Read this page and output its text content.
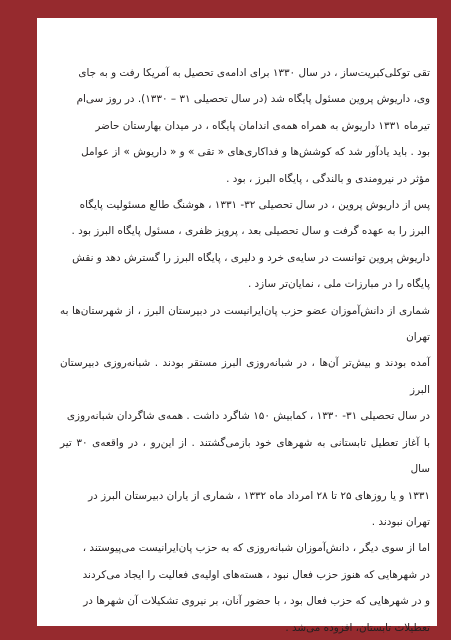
تقی توکلی‌کبریت‌ساز ، در سال ۱۳۳۰ برای ادامه‌ی تحصیل به آمریکا رفت و به جای
وی، داریوش پروین مسئول پایگاه شد (در سال تحصیلی ۳۱ – ۱۳۳۰). در روز سی‌ام
تیرماه ۱۳۳۱ داریوش به همراه همه‌ی اندامان پایگاه ، در میدان بهارستان حاضر
بود . باید یادآور شد که کوشش‌ها و فداکاری‌های « تقی » و « داریوش » از عوامل
مؤثر در نیرومندی و بالندگی ، پایگاه البرز ، بود .
پس از داریوش پروین ، در سال تحصیلی ۳۲- ۱۳۳۱ ، هوشنگ طالع مسئولیت پایگاه
البرز را به عهده گرفت و سال تحصیلی بعد ، پرویز ظفری ، مسئول پایگاه البرز بود .
داریوش پروین توانست در سایه‌ی خرد و دلیری ، پایگاه البرز را گسترش دهد و نقش
پایگاه را در مبارزات ملی ، نمایان‌تر سازد .
شماری از دانش‌آموزان عضو حزب پان‌ایرانیست در دبیرستان البرز ، از شهرستان‌ها به تهران
آمده بودند و بیش‌تر آن‌ها ، در شبانه‌روزی البرز مستقر بودند . شبانه‌روزی دبیرستان البرز
در سال تحصیلی ۳۱- ۱۳۳۰ ، کمابیش ۱۵۰ شاگرد داشت . همه‌ی شاگردان شبانه‌روزی
با آغاز تعطیل تابستانی به شهرهای خود بازمی‌گشتند . از این‌رو ، در واقعه‌ی ۳۰ تیر سال
۱۳۳۱ و یا روزهای ۲۵ تا ۲۸ امرداد ماه ۱۳۳۲ ، شماری از یاران دبیرستان البرز در
تهران نبودند .
اما از سوی دیگر ، دانش‌آموزان شبانه‌روزی که به حزب پان‌ایرانیست می‌پیوستند ،
در شهرهایی که هنوز حزب فعال نبود ، هسته‌های اولیه‌ی فعالیت را ایجاد می‌کردند
و در شهرهایی که حزب فعال بود ، با حضور آنان، بر نیروی تشکیلات آن شهرها در
تعطیلات تابستان، افزوده می‌شد .
